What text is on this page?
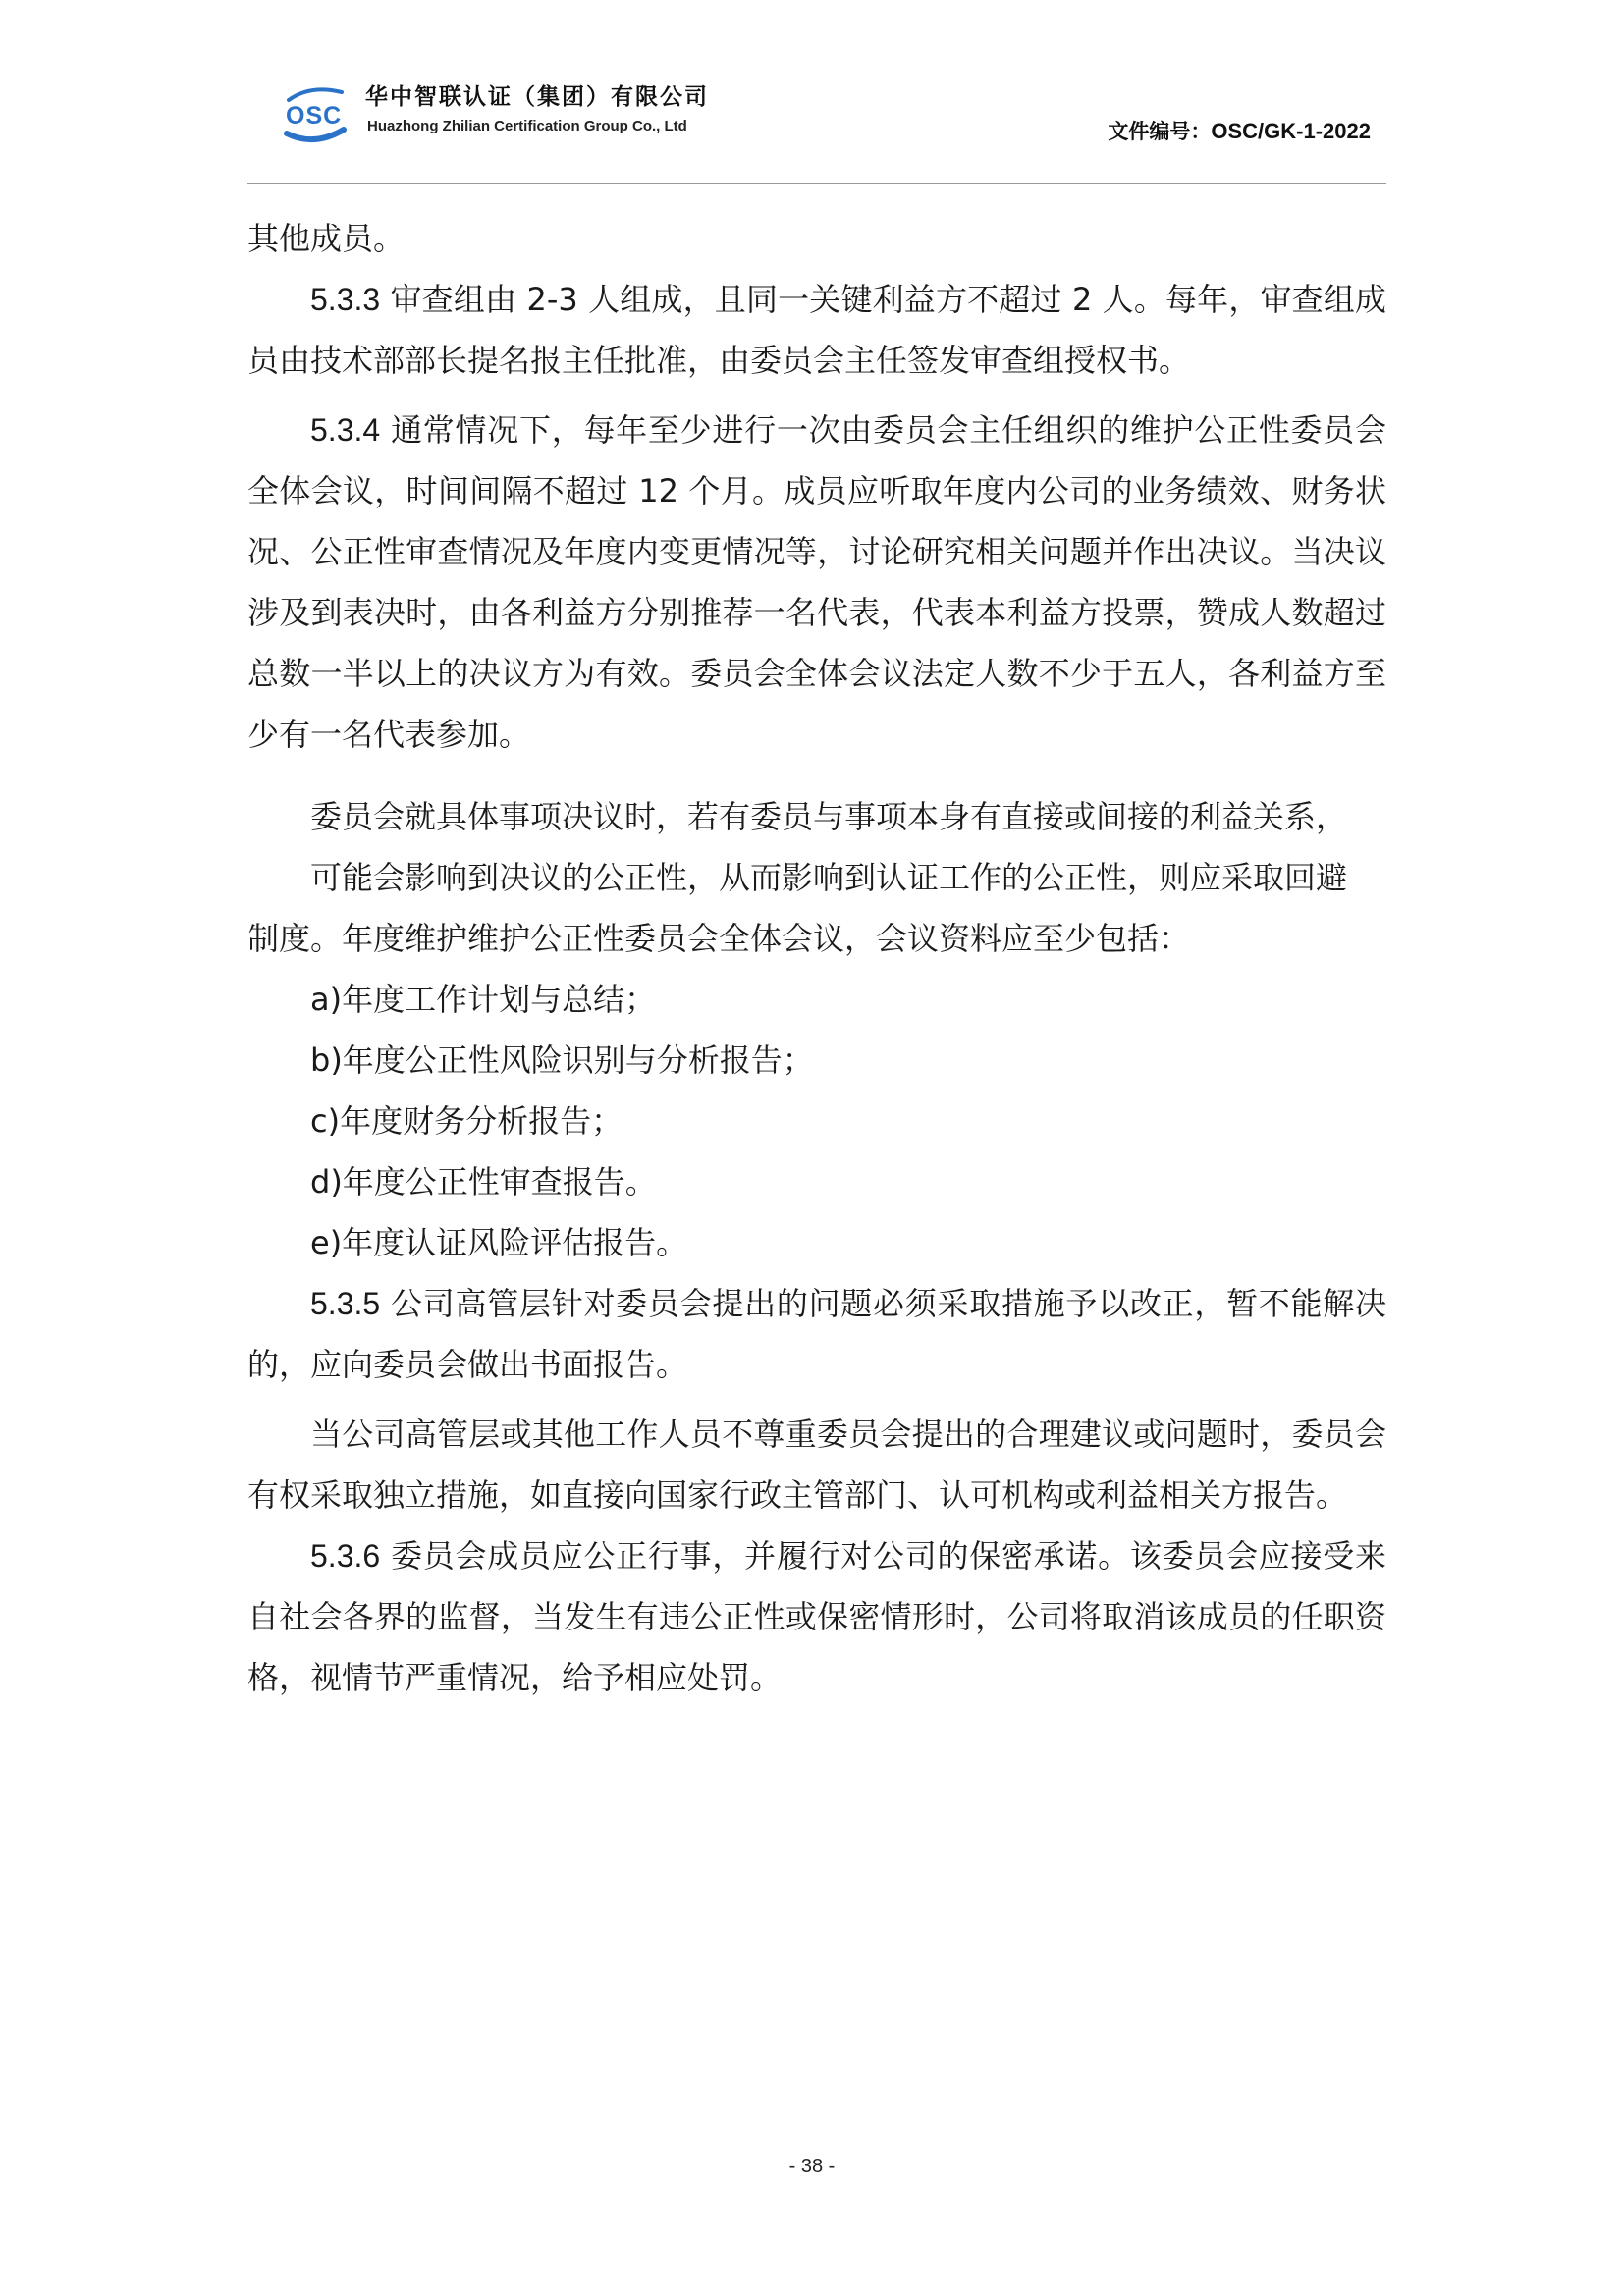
OSC
华中智联认证（集团）有限公司
Huazhong Zhilian Certification Group Co., Ltd	文件编号：OSC/GK-1-2022

其他成员。

5.3.3 审查组由 2-3 人组成，且同一关键利益方不超过 2 人。每年，审查组成员由技术部部长提名报主任批准，由委员会主任签发审查组授权书。

5.3.4 通常情况下，每年至少进行一次由委员会主任组织的维护公正性委员会全体会议，时间间隔不超过 12 个月。成员应听取年度内公司的业务绩效、财务状况、公正性审查情况及年度内变更情况等，讨论研究相关问题并作出决议。当决议涉及到表决时，由各利益方分别推荐一名代表，代表本利益方投票，赞成人数超过总数一半以上的决议方为有效。委员会全体会议法定人数不少于五人，各利益方至少有一名代表参加。

委员会就具体事项决议时，若有委员与事项本身有直接或间接的利益关系，

可能会影响到决议的公正性，从而影响到认证工作的公正性，则应采取回避

制度。年度维护维护公正性委员会全体会议，会议资料应至少包括：

a)年度工作计划与总结；

b)年度公正性风险识别与分析报告；

c)年度财务分析报告；

d)年度公正性审查报告。

e)年度认证风险评估报告。

5.3.5 公司高管层针对委员会提出的问题必须采取措施予以改正，暂不能解决的，应向委员会做出书面报告。

当公司高管层或其他工作人员不尊重委员会提出的合理建议或问题时，委员会有权采取独立措施，如直接向国家行政主管部门、认可机构或利益相关方报告。

5.3.6 委员会成员应公正行事，并履行对公司的保密承诺。该委员会应接受来自社会各界的监督，当发生有违公正性或保密情形时，公司将取消该成员的任职资格，视情节严重情况，给予相应处罚。

- 38 -
